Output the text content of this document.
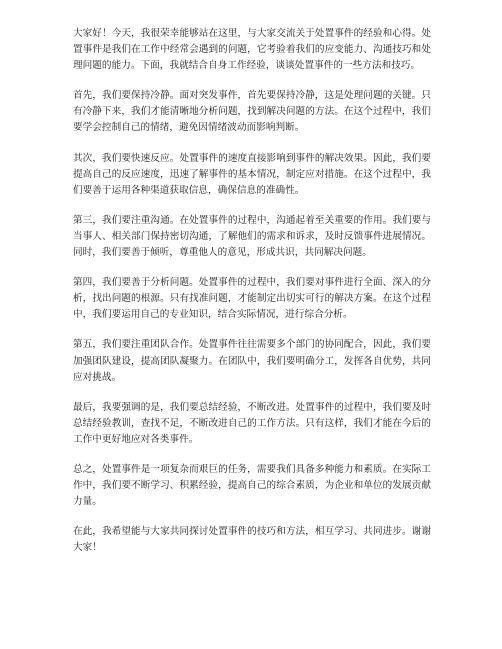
大家好！今天，我很荣幸能够站在这里，与大家交流关于处置事件的经验和心得。处置事件是我们在工作中经常会遇到的问题，它考验着我们的应变能力、沟通技巧和处理问题的能力。下面，我就结合自身工作经验，谈谈处置事件的一些方法和技巧。

首先，我们要保持冷静。面对突发事件，首先要保持冷静，这是处理问题的关键。只有冷静下来，我们才能清晰地分析问题，找到解决问题的方法。在这个过程中，我们要学会控制自己的情绪，避免因情绪波动而影响判断。

其次，我们要快速反应。处置事件的速度直接影响到事件的解决效果。因此，我们要提高自己的反应速度，迅速了解事件的基本情况，制定应对措施。在这个过程中，我们要善于运用各种渠道获取信息，确保信息的准确性。

第三，我们要注重沟通。在处置事件的过程中，沟通起着至关重要的作用。我们要与当事人、相关部门保持密切沟通，了解他们的需求和诉求，及时反馈事件进展情况。同时，我们要善于倾听，尊重他人的意见，形成共识，共同解决问题。

第四，我们要善于分析问题。处置事件的过程中，我们要对事件进行全面、深入的分析，找出问题的根源。只有找准问题，才能制定出切实可行的解决方案。在这个过程中，我们要运用自己的专业知识，结合实际情况，进行综合分析。

第五，我们要注重团队合作。处置事件往往需要多个部门的协同配合，因此，我们要加强团队建设，提高团队凝聚力。在团队中，我们要明确分工，发挥各自优势，共同应对挑战。

最后，我要强调的是，我们要总结经验，不断改进。处置事件的过程中，我们要及时总结经验教训，查找不足，不断改进自己的工作方法。只有这样，我们才能在今后的工作中更好地应对各类事件。

总之，处置事件是一项复杂而艰巨的任务，需要我们具备多种能力和素质。在实际工作中，我们要不断学习、积累经验，提高自己的综合素质，为企业和单位的发展贡献力量。

在此，我希望能与大家共同探讨处置事件的技巧和方法，相互学习、共同进步。谢谢大家！
